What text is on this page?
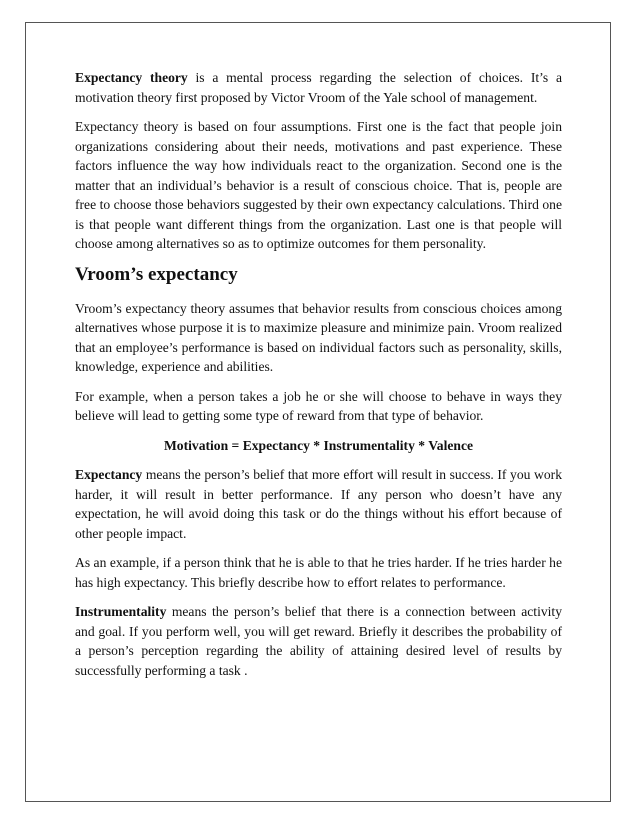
Expectancy theory is a mental process regarding the selection of choices. It’s a motivation theory first proposed by Victor Vroom of the Yale school of management.

Expectancy theory is based on four assumptions. First one is the fact that people join organizations considering about their needs, motivations and past experience. These factors influence the way how individuals react to the organization. Second one is the matter that an individual’s behavior is a result of conscious choice. That is, people are free to choose those behaviors suggested by their own expectancy calculations. Third one is that people want different things from the organization. Last one is that people will choose among alternatives so as to optimize outcomes for them personality.

Vroom’s expectancy

Vroom’s expectancy theory assumes that behavior results from conscious choices among alternatives whose purpose it is to maximize pleasure and minimize pain. Vroom realized that an employee’s performance is based on individual factors such as personality, skills, knowledge, experience and abilities.

For example, when a person takes a job he or she will choose to behave in ways they believe will lead to getting some type of reward from that type of behavior.

Motivation = Expectancy * Instrumentality * Valence

Expectancy means the person’s belief that more effort will result in success. If you work harder, it will result in better performance. If any person who doesn’t have any expectation, he will avoid doing this task or do the things without his effort because of other people impact.

As an example, if a person think that he is able to that he tries harder. If he tries harder he has high expectancy. This briefly describe how to effort relates to performance.

Instrumentality means the person’s belief that there is a connection between activity and goal. If you perform well, you will get reward. Briefly it describes the probability of a person’s perception regarding the ability of attaining desired level of results by successfully performing a task .
